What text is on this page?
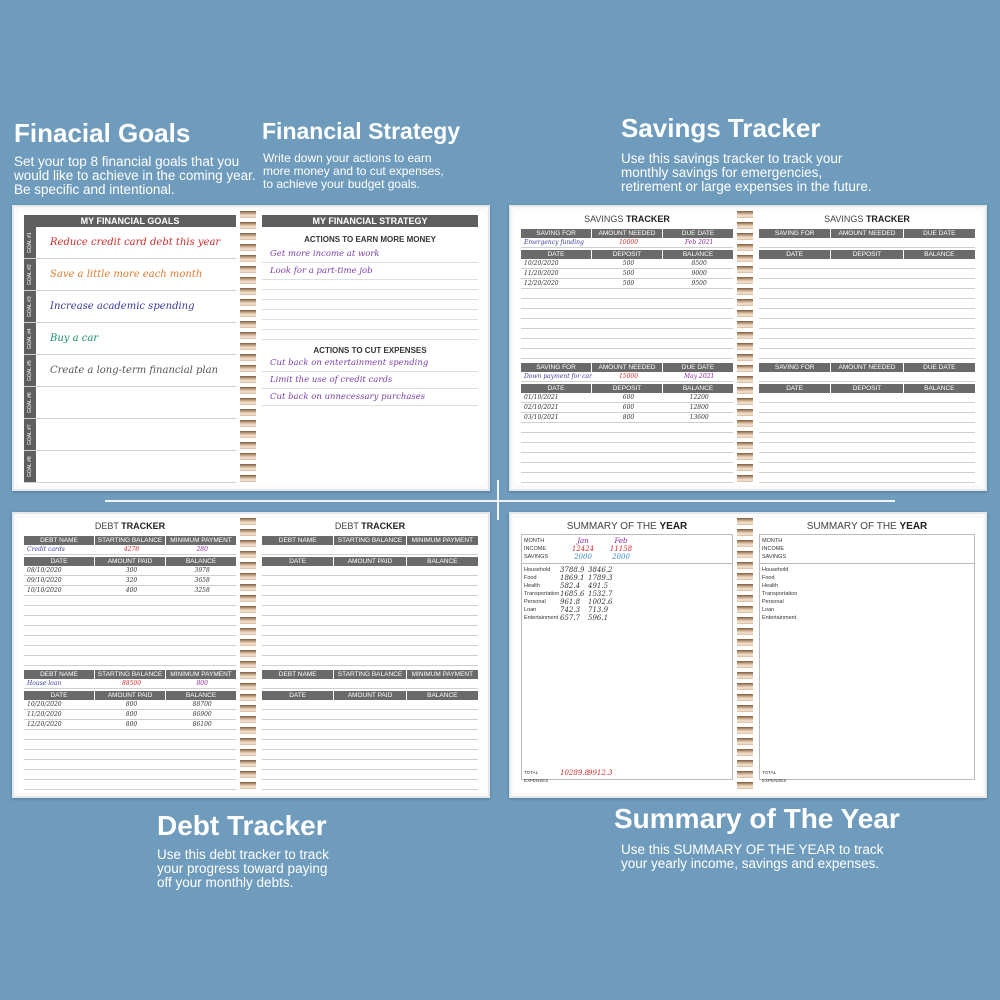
Finacial Goals
Set your top 8 financial goals that you
would like to achieve in the coming year.
Be specific and intentional.
Financial Strategy
Write down your actions to earn
more money and to cut expenses,
to achieve your budget goals.
Savings Tracker
Use this savings tracker to track your
monthly savings for emergencies,
retirement or large expenses in the future.
Debt Tracker
Use this debt tracker to track
your progress toward paying
off your monthly debts.
Summary of The Year
Use this SUMMARY OF THE YEAR to track
your yearly income, savings and expenses.
MY FINANCIAL GOALS
GOAL #1	Reduce credit card debt this year
GOAL #2	Save a little more each month
GOAL #3	Increase academic spending
GOAL #4	Buy a car
GOAL #5	Create a long-term financial plan
GOAL #6
GOAL #7
GOAL #8
MY FINANCIAL STRATEGY
ACTIONS TO EARN MORE MONEY
Get more income at work
Look for a part-time job
ACTIONS TO CUT EXPENSES
Cut back on entertainment spending
Limit the use of credit cards
Cut back on unnecessary purchases
SAVINGS TRACKER
SAVING FOR	AMOUNT NEEDED	DUE DATE
Emergency funding	10000	Feb 2021
DATE	DEPOSIT	BALANCE
10/20/2020	500	8500
11/20/2020	500	9000
12/20/2020	500	9500
SAVING FOR	AMOUNT NEEDED	DUE DATE
Down payment for car	15000	May 2021
DATE	DEPOSIT	BALANCE
01/10/2021	600	12200
02/10/2021	600	12800
03/10/2021	800	13600
SAVINGS TRACKER
SAVING FOR	AMOUNT NEEDED	DUE DATE
DATE	DEPOSIT	BALANCE
SAVING FOR	AMOUNT NEEDED	DUE DATE
DATE	DEPOSIT	BALANCE
DEBT TRACKER
DEBT NAME	STARTING BALANCE	MINIMUM PAYMENT
Credit cards	4278	280
DATE	AMOUNT PAID	BALANCE
08/10/2020	300	3978
09/10/2020	320	3658
10/10/2020	400	3258
DEBT NAME	STARTING BALANCE	MINIMUM PAYMENT
House loan	88500	800
DATE	AMOUNT PAID	BALANCE
10/20/2020	800	88700
11/20/2020	800	86900
12/20/2020	800	86100
DEBT TRACKER
DEBT NAME	STARTING BALANCE	MINIMUM PAYMENT
DATE	AMOUNT PAID	BALANCE
DEBT NAME	STARTING BALANCE	MINIMUM PAYMENT
DATE	AMOUNT PAID	BALANCE
SUMMARY OF THE YEAR
MONTH	Jan	Feb
INCOME	12424	11158
SAVINGS	2000	2000
Household	3788.9 3846.2
Food	1869.1 1789.3
Health	582.4	491.5
Transportation 1685.6 1532.7
Personal	961.8	1002.6
Loan	742.3	713.9
Entertainment 657.7	596.1
TOTAL EXPENSES
10289.8 9912.3
SUMMARY OF THE YEAR
MONTH
INCOME
SAVINGS
Household
Food
Health
Transportation
Personal
Loan
Entertainment
TOTAL EXPENSES
